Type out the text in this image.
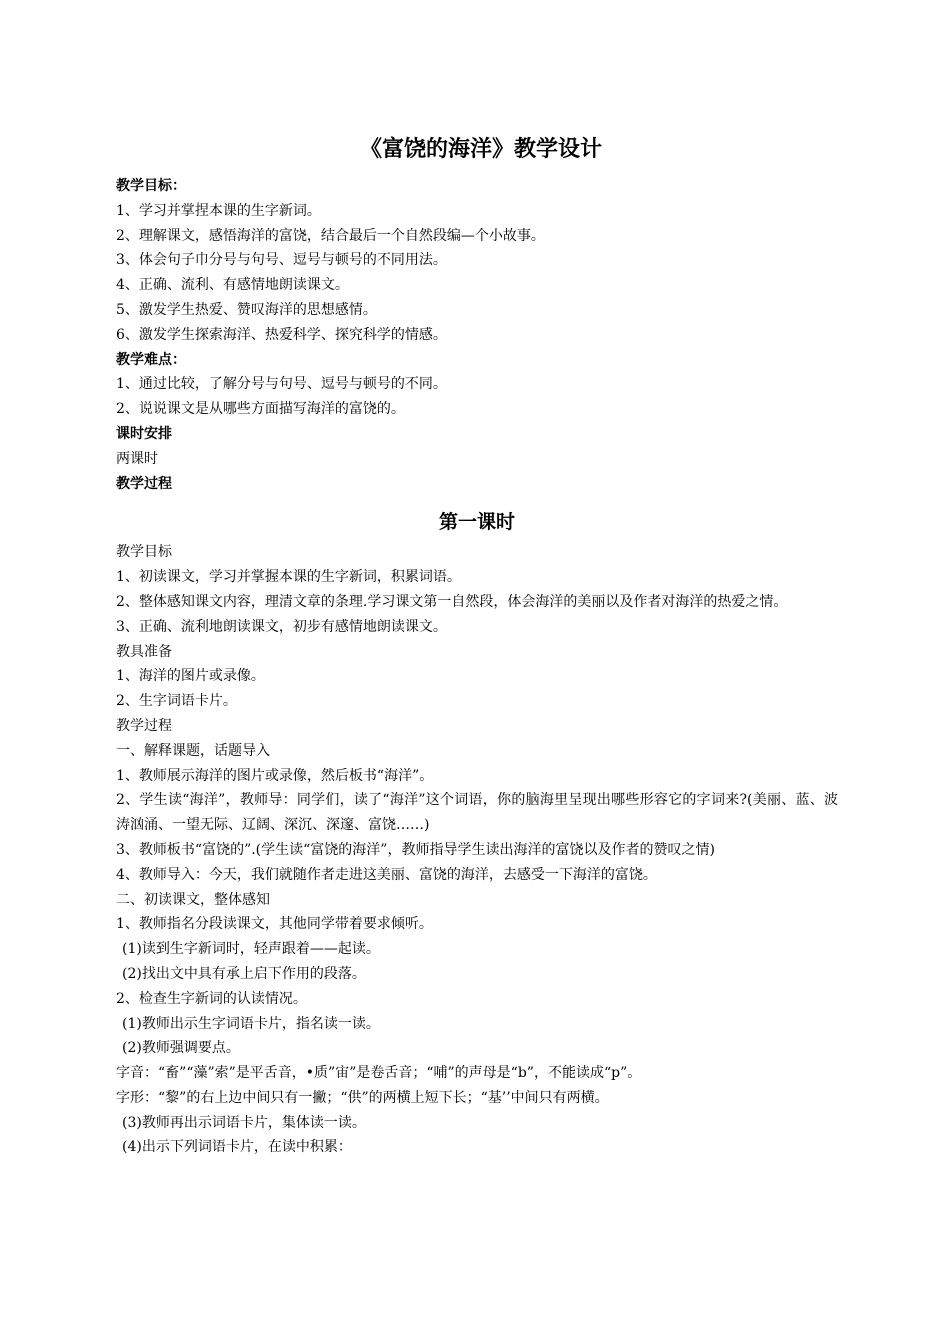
《富饶的海洋》教学设计

教学目标：

1、学习并掌捏本课的生字新词。

2、理解课文，感悟海洋的富饶，结合最后一个自然段编—个小故事。

3、体会句子巾分号与句号、逗号与顿号的不同用法。

4、正确、流利、有感情地朗读课文。

5、激发学生热爱、赞叹海洋的思想感情。

6、激发学生探索海洋、热爱科学、探究科学的情感。

教学难点：

1、通过比较，了解分号与句号、逗号与顿号的不同。

2、说说课文是从哪些方面描写海洋的富饶的。

课时安排

两课时

教学过程

第一课时

教学目标

1、初读课文，学习并掌握本课的生字新词，积累词语。

2、整体感知课文内容，理清文章的条理.学习课文第一自然段，体会海洋的美丽以及作者对海洋的热爱之情。

3、正确、流利地朗读课文，初步有感情地朗读课文。

教具准备

1、海洋的图片或录像。

2、生字词语卡片。

教学过程

一、解释课题，话题导入

1、教师展示海洋的图片或录像，然后板书“海洋”。

2、学生读“海洋”，教师导：同学们，读了“海洋”这个词语，你的脑海里呈现出哪些形容它的字词来?(美丽、蓝、波涛汹涌、一望无际、辽阔、深沉、深邃、富饶……)

3、教师板书“富饶的”.(学生读“富饶的海洋”，教师指导学生读出海洋的富饶以及作者的赞叹之情)

4、教师导入：今天，我们就随作者走进这美丽、富饶的海洋，去感受一下海洋的富饶。

二、初读课文，整体感知

1、教师指名分段读课文，其他同学带着要求倾听。

(1)读到生字新词时，轻声跟着——起读。

(2)找出文中具有承上启下作用的段落。

2、检查生字新词的认读情况。

(1)教师出示生字词语卡片，指名读一读。

(2)教师强调要点。

字音：“畜”“藻”索”是平舌音，•质”宙”是卷舌音；“哺”的声母是“b”，不能读成“p”。

字形：“黎”的右上边中间只有一撇；“供”的两横上短下长；“基’’中间只有两横。

(3)教师再出示词语卡片，集体读一读。

(4)出示下列词语卡片，在读中积累：
